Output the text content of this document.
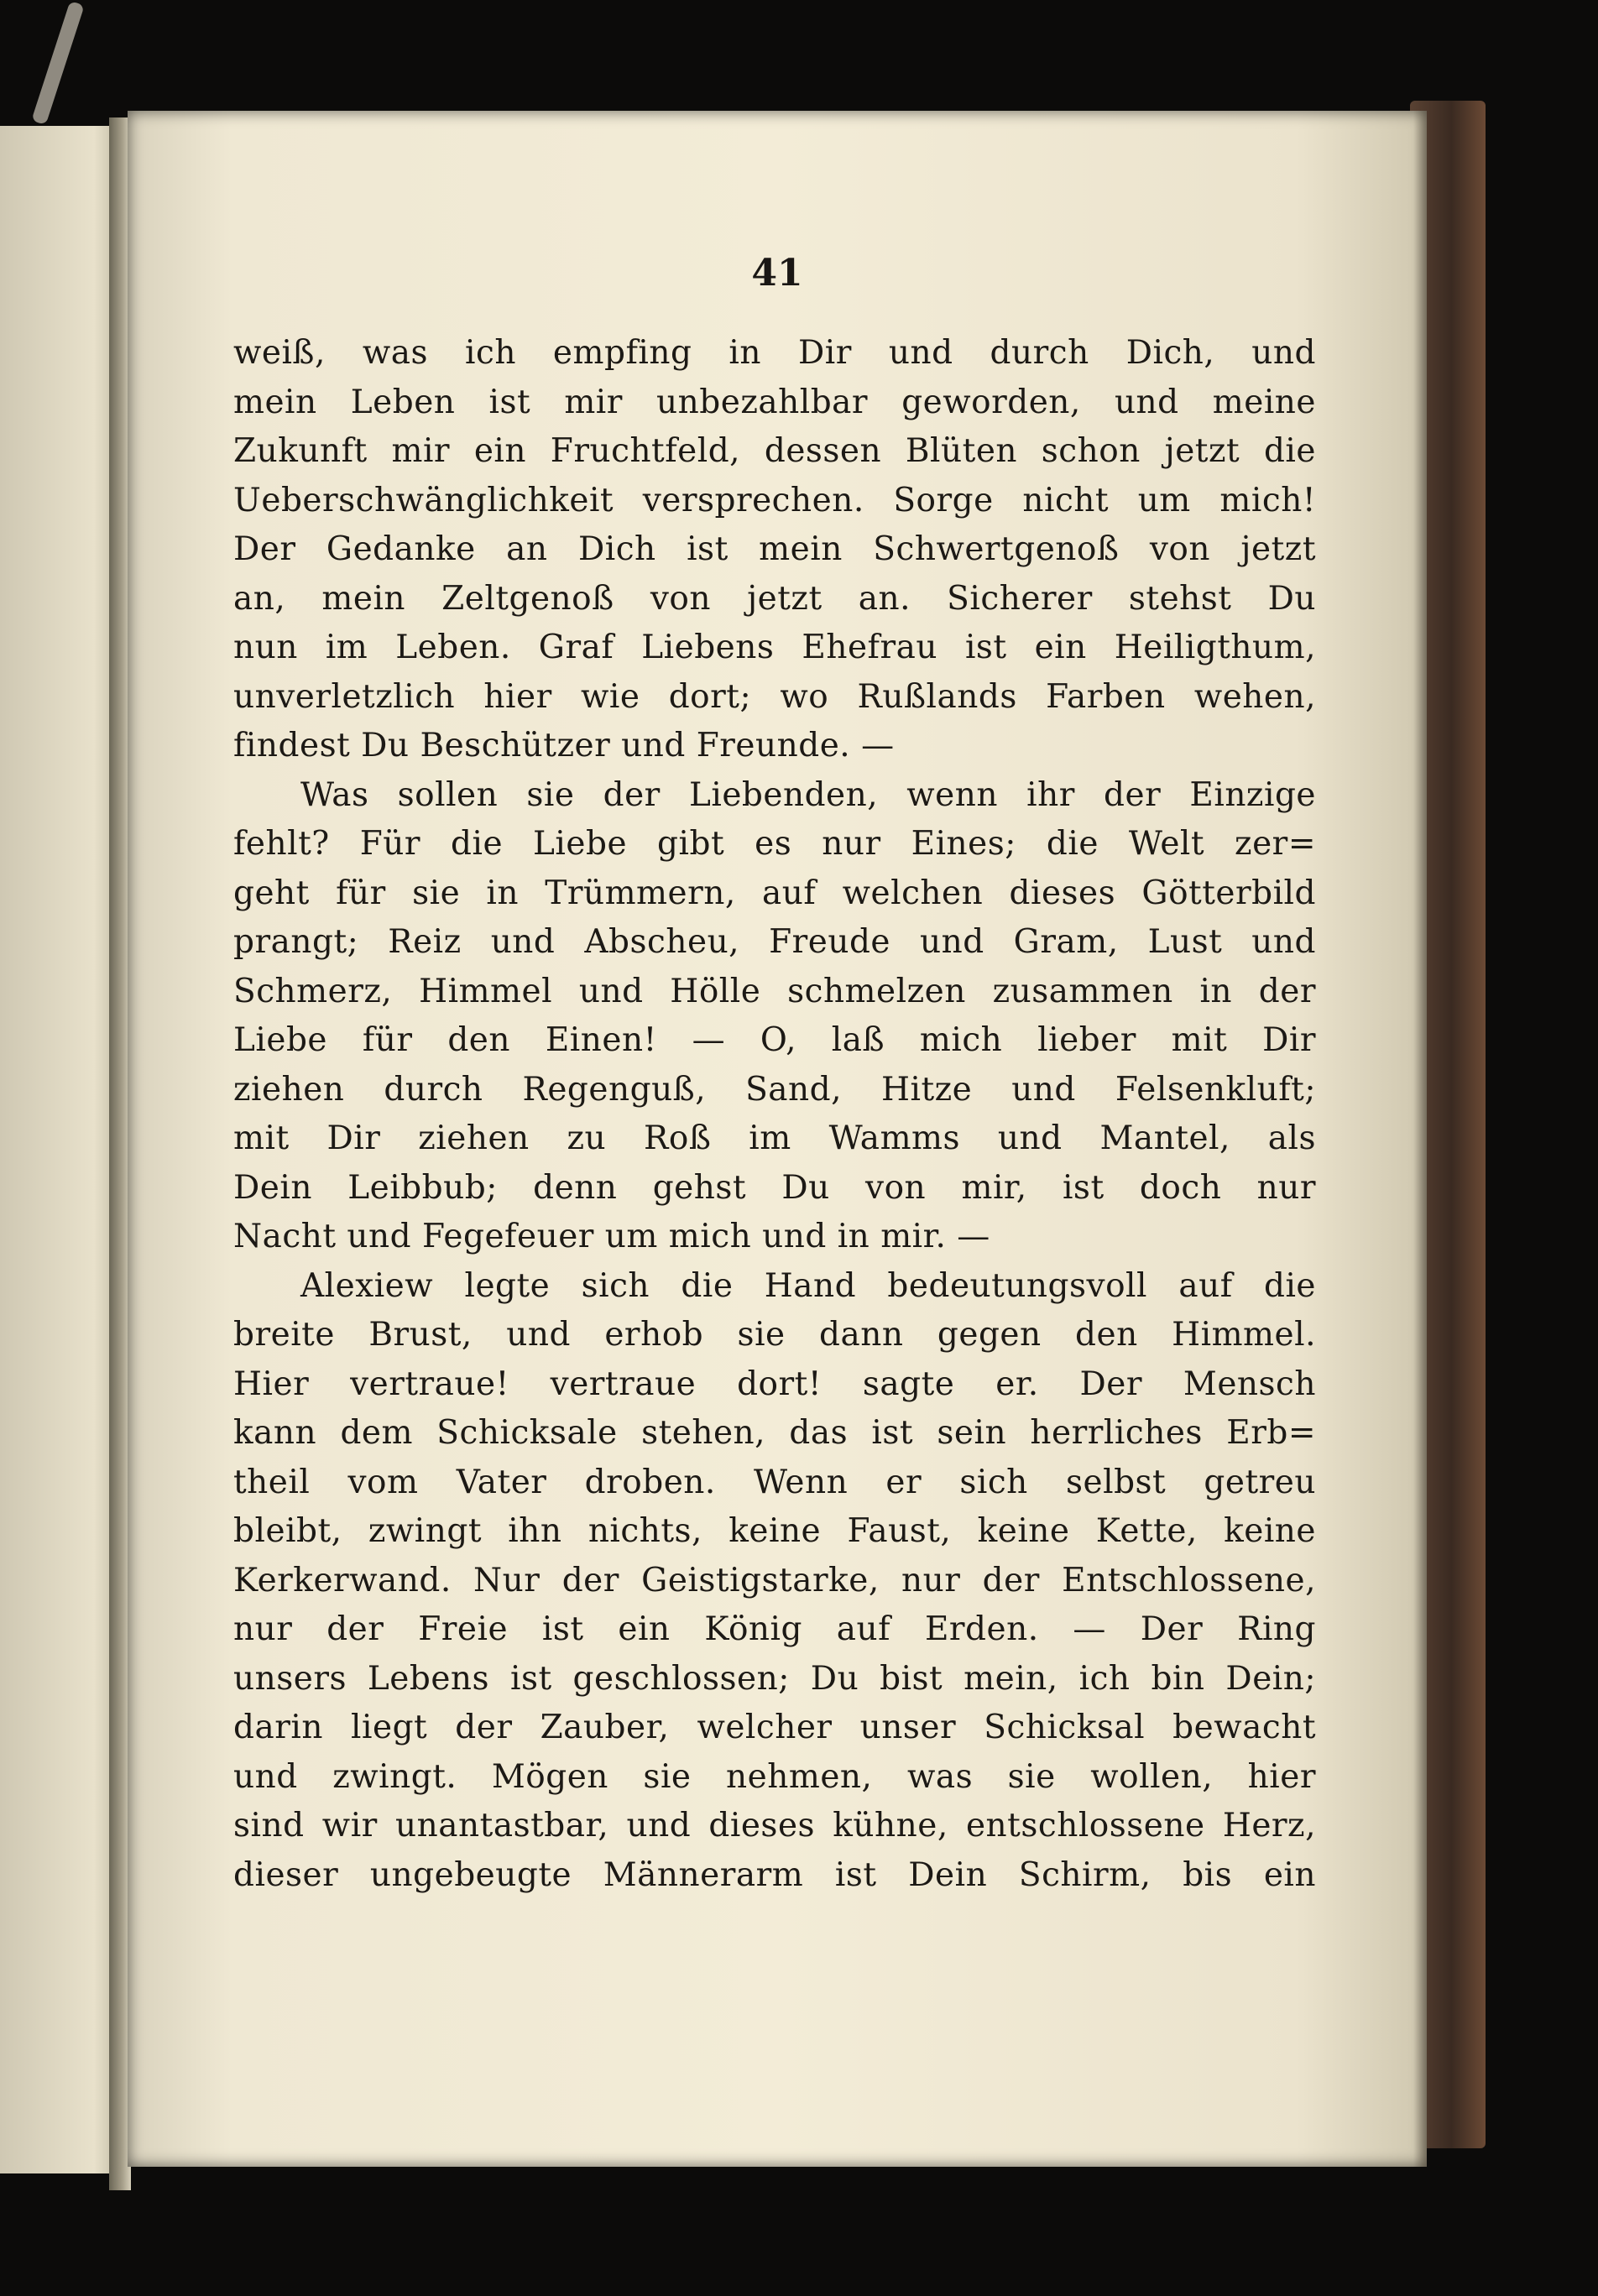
41
weiß, was ich empfing in Dir und durch Dich, und
mein Leben ist mir unbezahlbar geworden, und meine
Zukunft mir ein Fruchtfeld, dessen Blüten schon jetzt die
Ueberschwänglichkeit versprechen. Sorge nicht um mich!
Der Gedanke an Dich ist mein Schwertgenoß von jetzt
an, mein Zeltgenoß von jetzt an. Sicherer stehst Du
nun im Leben. Graf Liebens Ehefrau ist ein Heiligthum,
unverletzlich hier wie dort; wo Rußlands Farben wehen,
findest Du Beschützer und Freunde. —
Was sollen sie der Liebenden, wenn ihr der Einzige
fehlt? Für die Liebe gibt es nur Eines; die Welt zer=
geht für sie in Trümmern, auf welchen dieses Götterbild
prangt; Reiz und Abscheu, Freude und Gram, Lust und
Schmerz, Himmel und Hölle schmelzen zusammen in der
Liebe für den Einen! — O, laß mich lieber mit Dir
ziehen durch Regenguß, Sand, Hitze und Felsenkluft;
mit Dir ziehen zu Roß im Wamms und Mantel, als
Dein Leibbub; denn gehst Du von mir, ist doch nur
Nacht und Fegefeuer um mich und in mir. —
Alexiew legte sich die Hand bedeutungsvoll auf die
breite Brust, und erhob sie dann gegen den Himmel.
Hier vertraue! vertraue dort! sagte er. Der Mensch
kann dem Schicksale stehen, das ist sein herrliches Erb=
theil vom Vater droben. Wenn er sich selbst getreu
bleibt, zwingt ihn nichts, keine Faust, keine Kette, keine
Kerkerwand. Nur der Geistigstarke, nur der Entschlossene,
nur der Freie ist ein König auf Erden. — Der Ring
unsers Lebens ist geschlossen; Du bist mein, ich bin Dein;
darin liegt der Zauber, welcher unser Schicksal bewacht
und zwingt. Mögen sie nehmen, was sie wollen, hier
sind wir unantastbar, und dieses kühne, entschlossene Herz,
dieser ungebeugte Männerarm ist Dein Schirm, bis ein
